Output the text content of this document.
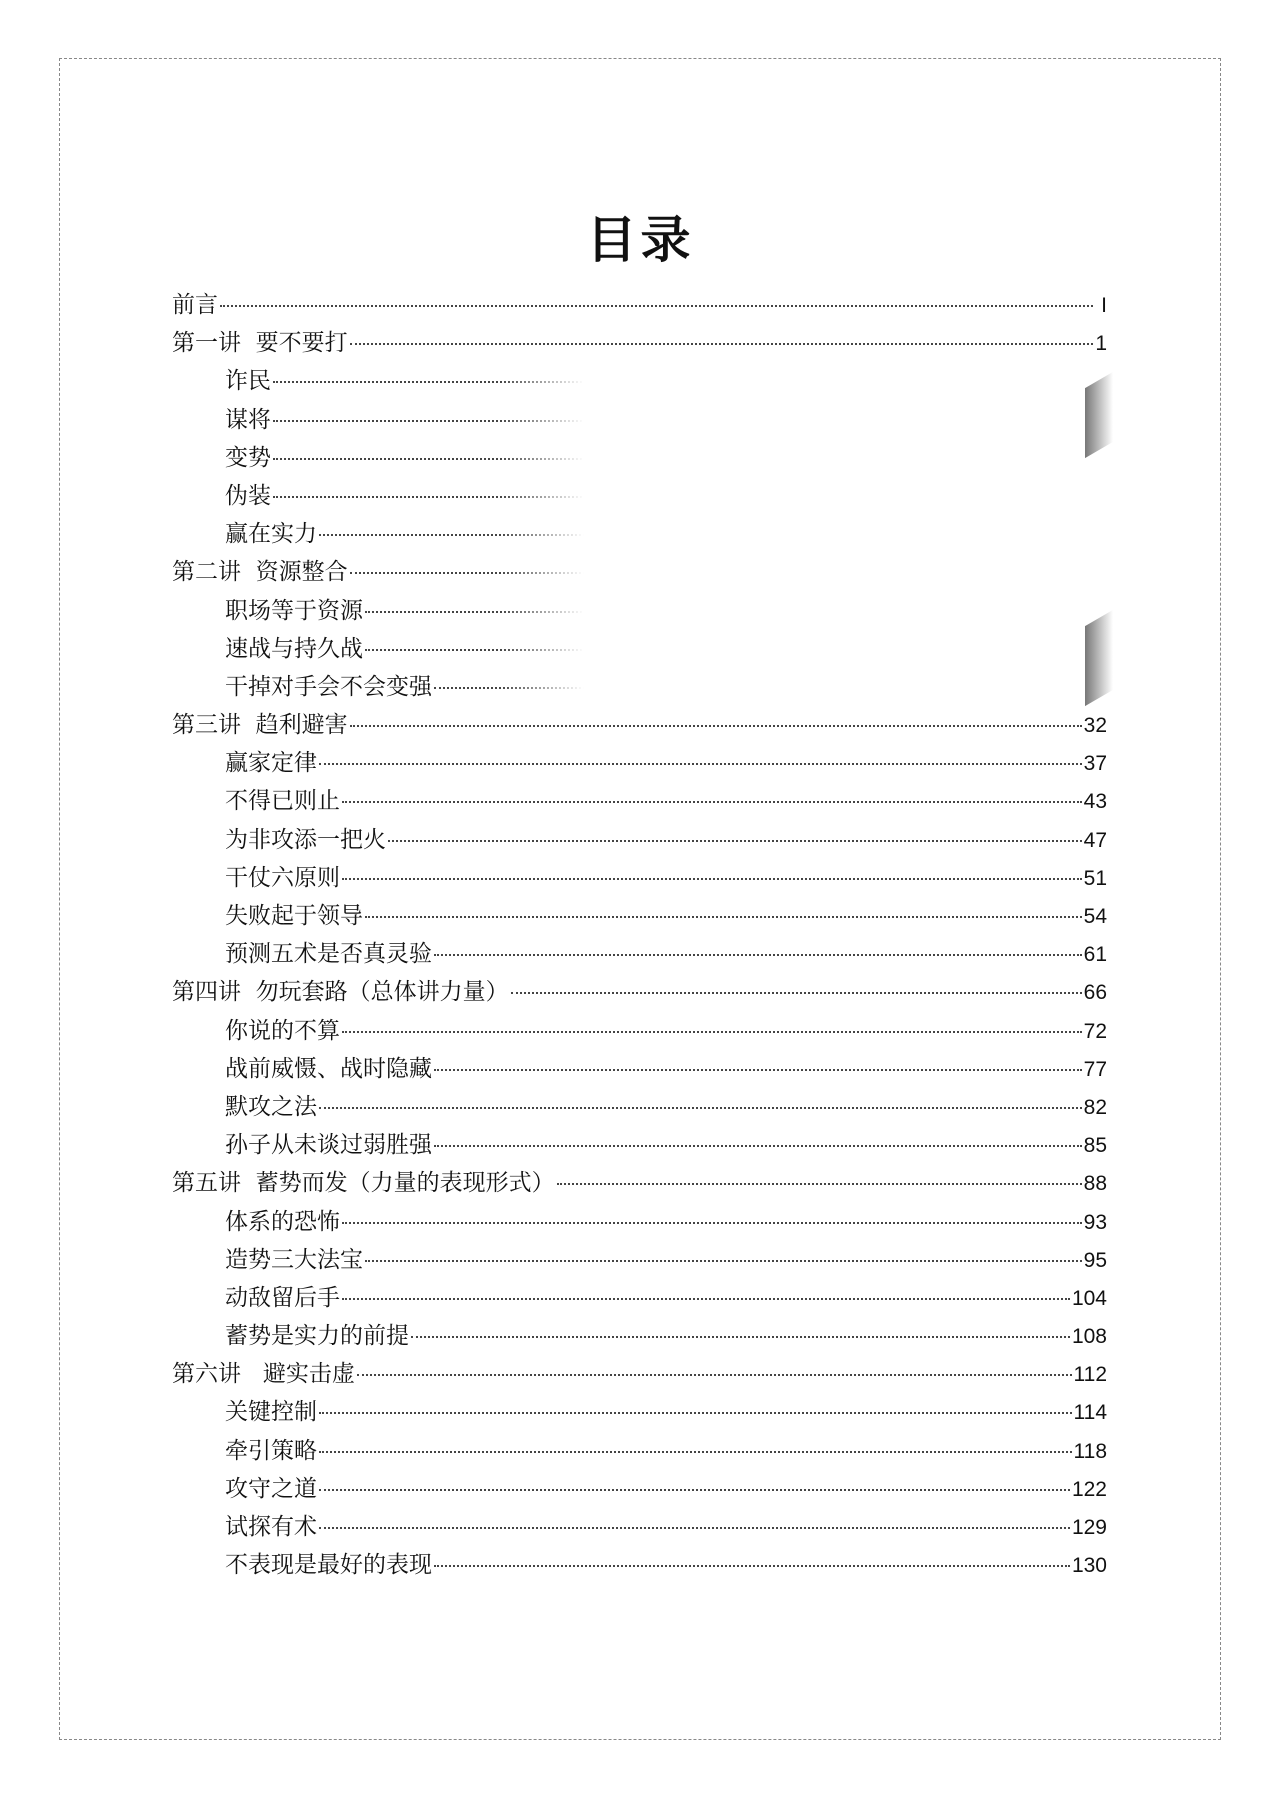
目录
前言	I
第一讲  要不要打	1
诈民
谋将
变势
伪装
赢在实力
第二讲  资源整合
职场等于资源
速战与持久战
干掉对手会不会变强
第三讲  趋利避害	32
赢家定律	37
不得已则止	43
为非攻添一把火	47
干仗六原则	51
失败起于领导	54
预测五术是否真灵验	61
第四讲  勿玩套路（总体讲力量）	66
你说的不算	72
战前威慑、战时隐藏	77
默攻之法	82
孙子从未谈过弱胜强	85
第五讲  蓄势而发（力量的表现形式）	88
体系的恐怖	93
造势三大法宝	95
动敌留后手	104
蓄势是实力的前提	108
第六讲   避实击虚	112
关键控制	114
牵引策略	118
攻守之道	122
试探有术	129
不表现是最好的表现	130
